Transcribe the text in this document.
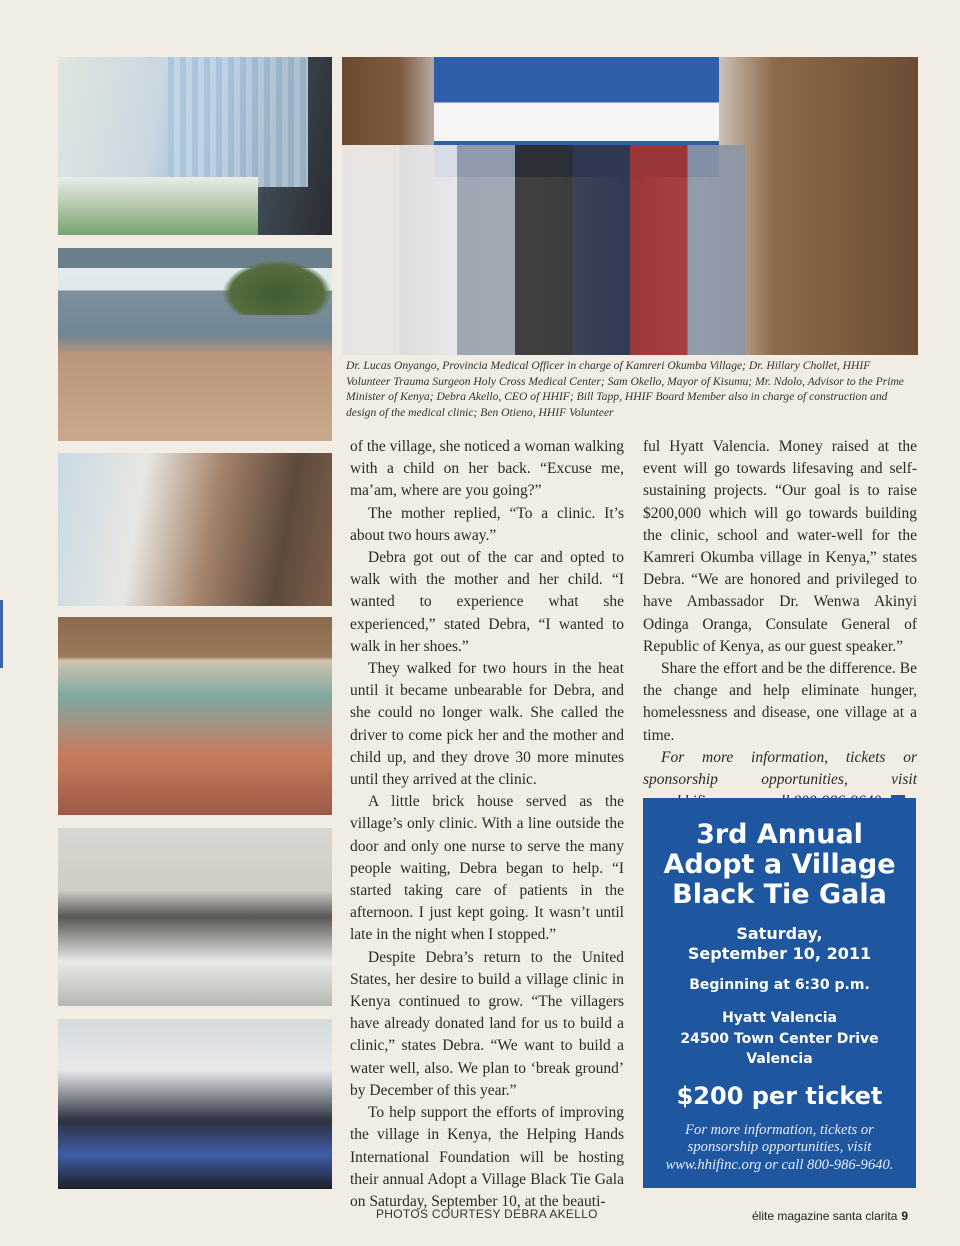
Dr. Lucas Onyango, Provincia Medical Officer in charge of Kamreri Okumba Village; Dr. Hillary Chollet, HHIF Volunteer Trauma Surgeon Holy Cross Medical Center; Sam Okello, Mayor of Kisumu; Mr. Ndolo, Advisor to the Prime Minister of Kenya; Debra Akello, CEO of HHIF; Bill Tapp, HHIF Board Member also in charge of construction and design of the medical clinic; Ben Otieno, HHIF Volunteer

of the village, she noticed a woman walking with a child on her back. “Excuse me, ma’am, where are you going?”

The mother replied, “To a clinic. It’s about two hours away.”

Debra got out of the car and opted to walk with the mother and her child. “I wanted to experience what she experienced,” stated Debra, “I wanted to walk in her shoes.”

They walked for two hours in the heat until it became unbearable for Debra, and she could no longer walk. She called the driver to come pick her and the mother and child up, and they drove 30 more minutes until they arrived at the clinic.

A little brick house served as the village’s only clinic. With a line outside the door and only one nurse to serve the many people waiting, Debra began to help. “I started taking care of patients in the afternoon. I just kept going. It wasn’t until late in the night when I stopped.”

Despite Debra’s return to the United States, her desire to build a village clinic in Kenya continued to grow. “The villagers have already donated land for us to build a clinic,” states Debra. “We want to build a water well, also. We plan to ‘break ground’ by December of this year.”

To help support the efforts of improving the village in Kenya, the Helping Hands International Foundation will be hosting their annual Adopt a Village Black Tie Gala on Saturday, September 10, at the beauti-

ful Hyatt Valencia. Money raised at the event will go towards lifesaving and self-sustaining projects. “Our goal is to raise $200,000 which will go towards building the clinic, school and water-well for the Kamreri Okumba village in Kenya,” states Debra. “We are honored and privileged to have Ambassador Dr. Wenwa Akinyi Odinga Oranga, Consulate General of Republic of Kenya, as our guest speaker.”

Share the effort and be the difference. Be the change and help eliminate hunger, homelessness and disease, one village at a time.

For more information, tickets or sponsorship opportunities, visit

3rd Annual
Adopt a Village
Black Tie Gala
Saturday,
September 10, 2011
Beginning at 6:30 p.m.
Hyatt Valencia
24500 Town Center Drive
Valencia
$200 per ticket
For more information, tickets or sponsorship opportunities, visit www.hhifinc.org or call 800-986-9640.
PHOTOS COURTESY DEBRA AKELLO	élite magazine santa clarita 9
